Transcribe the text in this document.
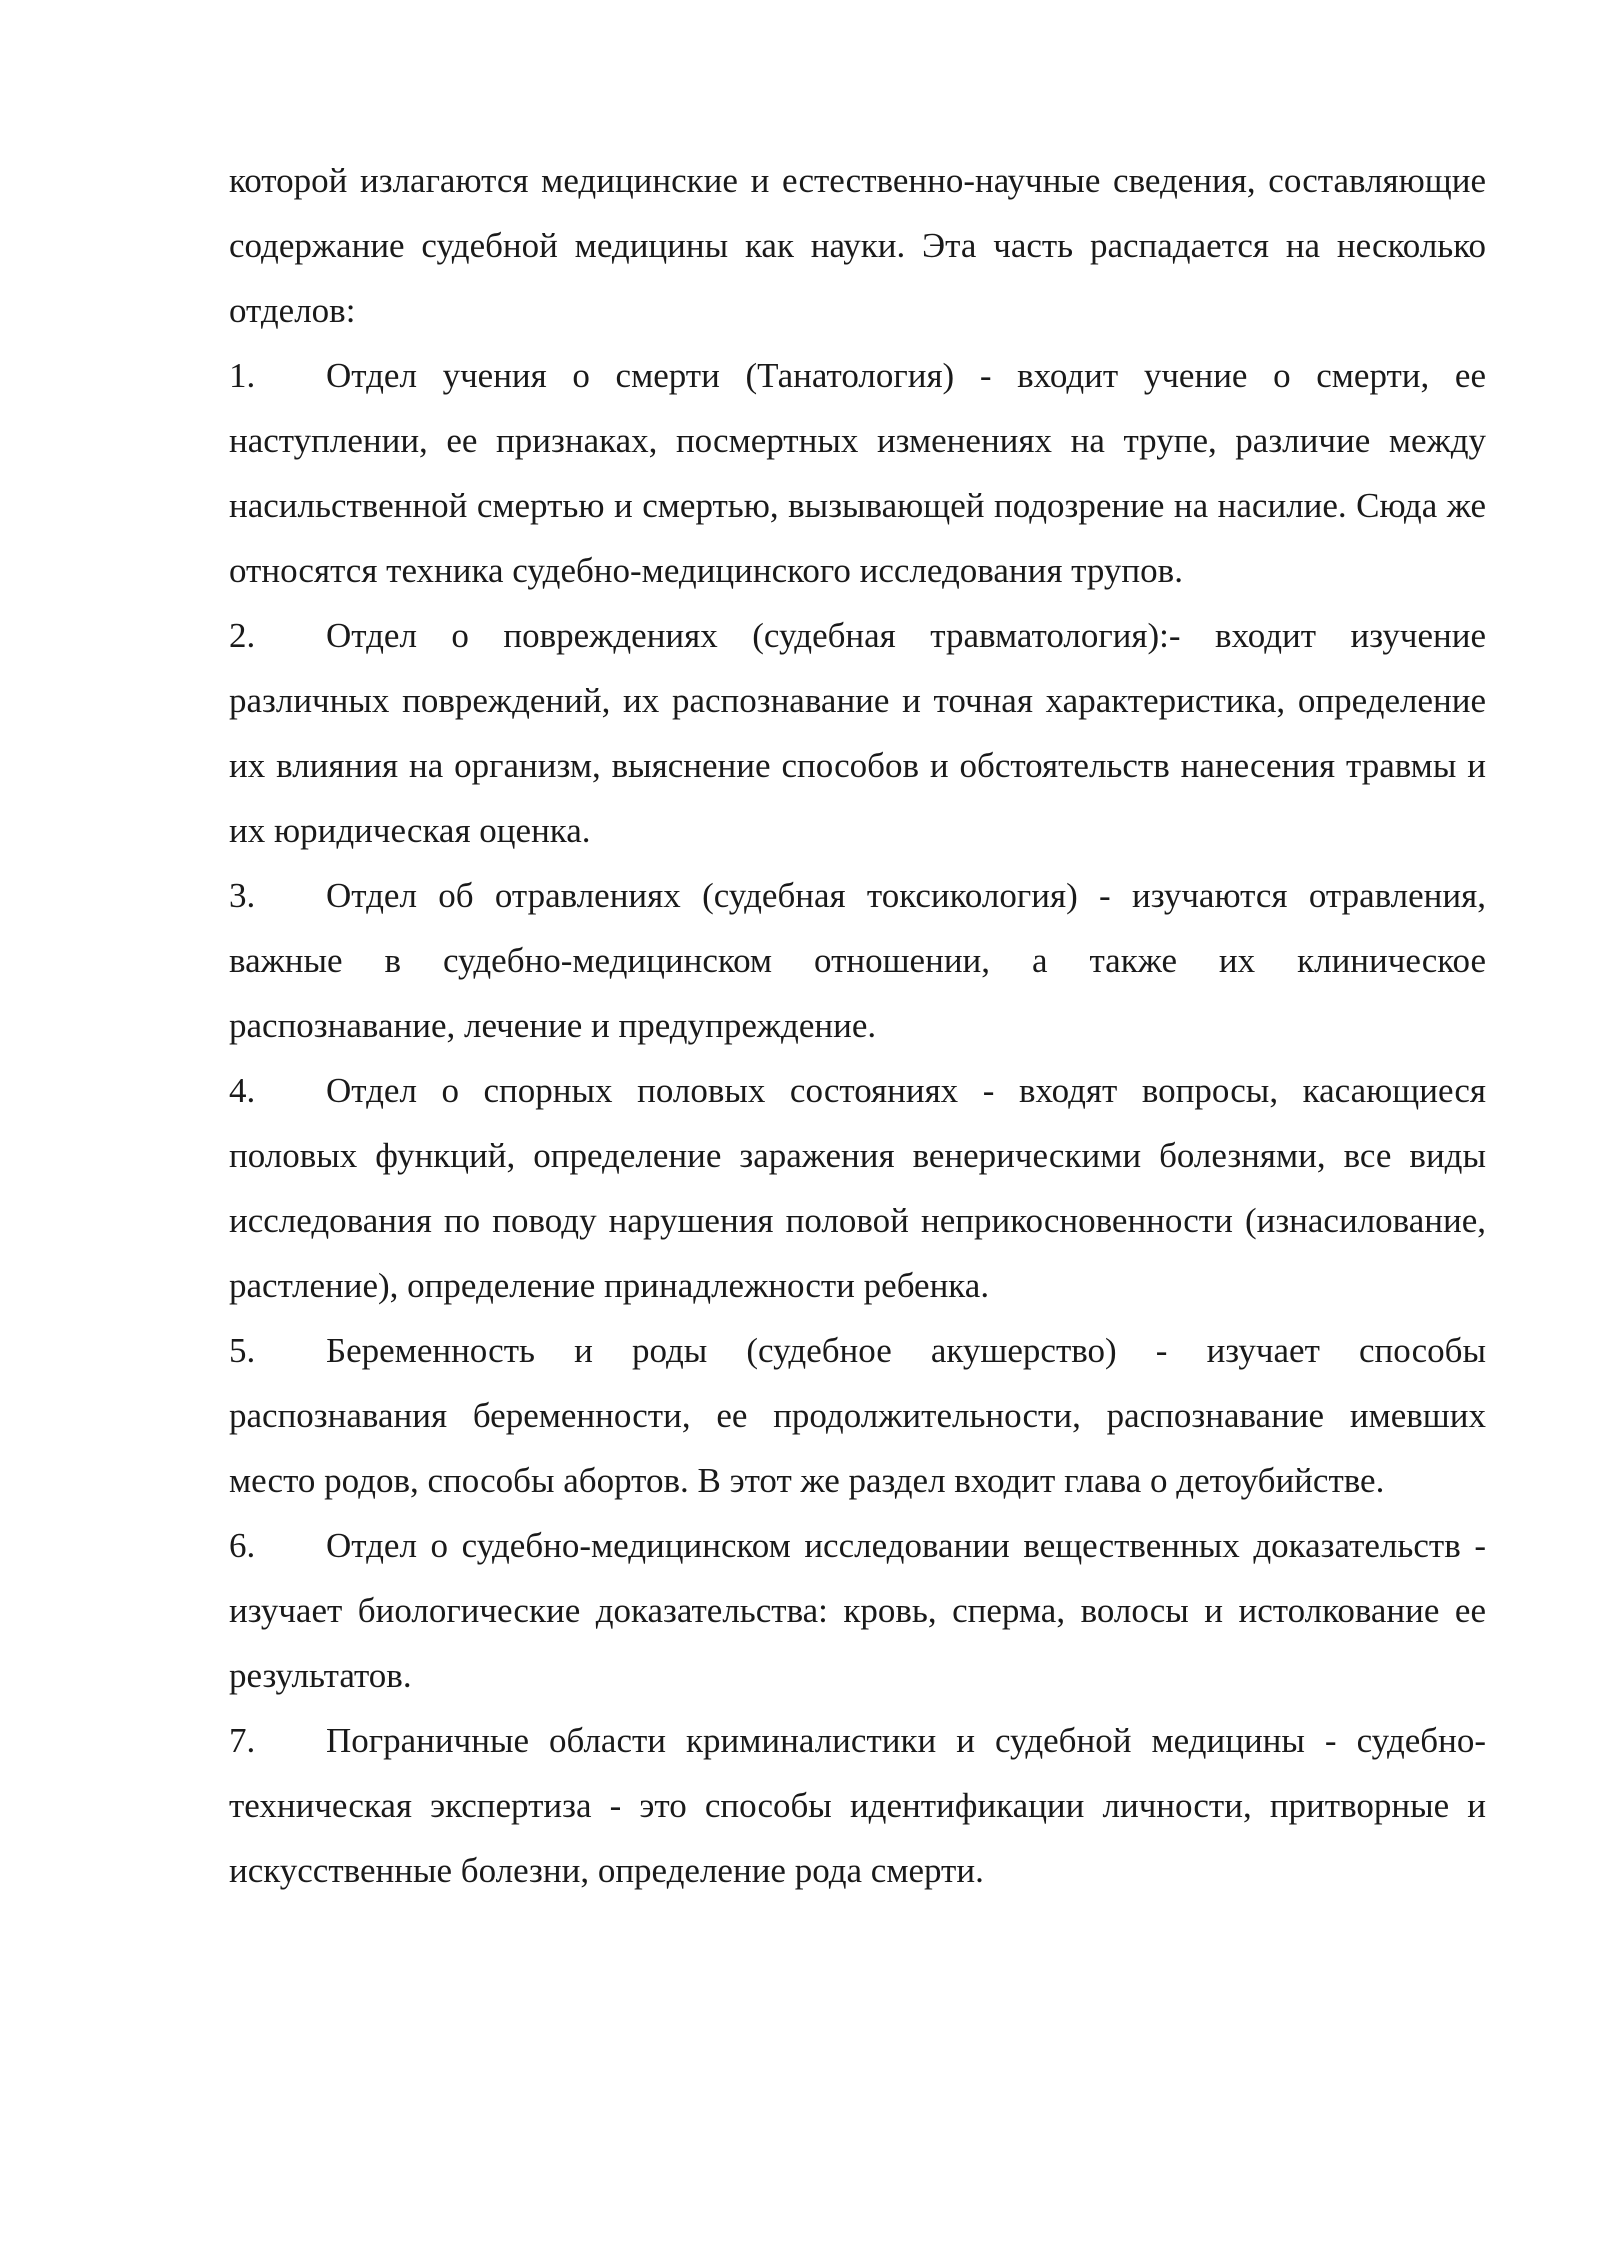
которой излагаются медицинские и естественно-научные сведения, составляющие содержание судебной медицины как науки. Эта часть распадается на несколько отделов:

1. Отдел учения о смерти (Танатология) - входит учение о смерти, ее наступлении, ее признаках, посмертных изменениях на трупе, различие между насильственной смертью и смертью, вызывающей подозрение на насилие. Сюда же относятся техника судебно-медицинского исследования трупов.

2. Отдел о повреждениях (судебная травматология):- входит изучение различных повреждений, их распознавание и точная характеристика, определение их влияния на организм, выяснение способов и обстоятельств нанесения травмы и их юридическая оценка.

3. Отдел об отравлениях (судебная токсикология) - изучаются отравления, важные в судебно-медицинском отношении, а также их клиническое распознавание, лечение и предупреждение.

4. Отдел о спорных половых состояниях - входят вопросы, касающиеся половых функций, определение заражения венерическими болезнями, все виды исследования по поводу нарушения половой неприкосновенности (изнасилование, растление), определение принадлежности ребенка.

5. Беременность и роды (судебное акушерство) - изучает способы распознавания беременности, ее продолжительности, распознавание имевших место родов, способы абортов. В этот же раздел входит глава о детоубийстве.

6. Отдел о судебно-медицинском исследовании вещественных доказательств - изучает биологические доказательства: кровь, сперма, волосы и истолкование ее результатов.

7. Пограничные области криминалистики и судебной медицины - судебно-техническая экспертиза - это способы идентификации личности, притворные и искусственные болезни, определение рода смерти.
